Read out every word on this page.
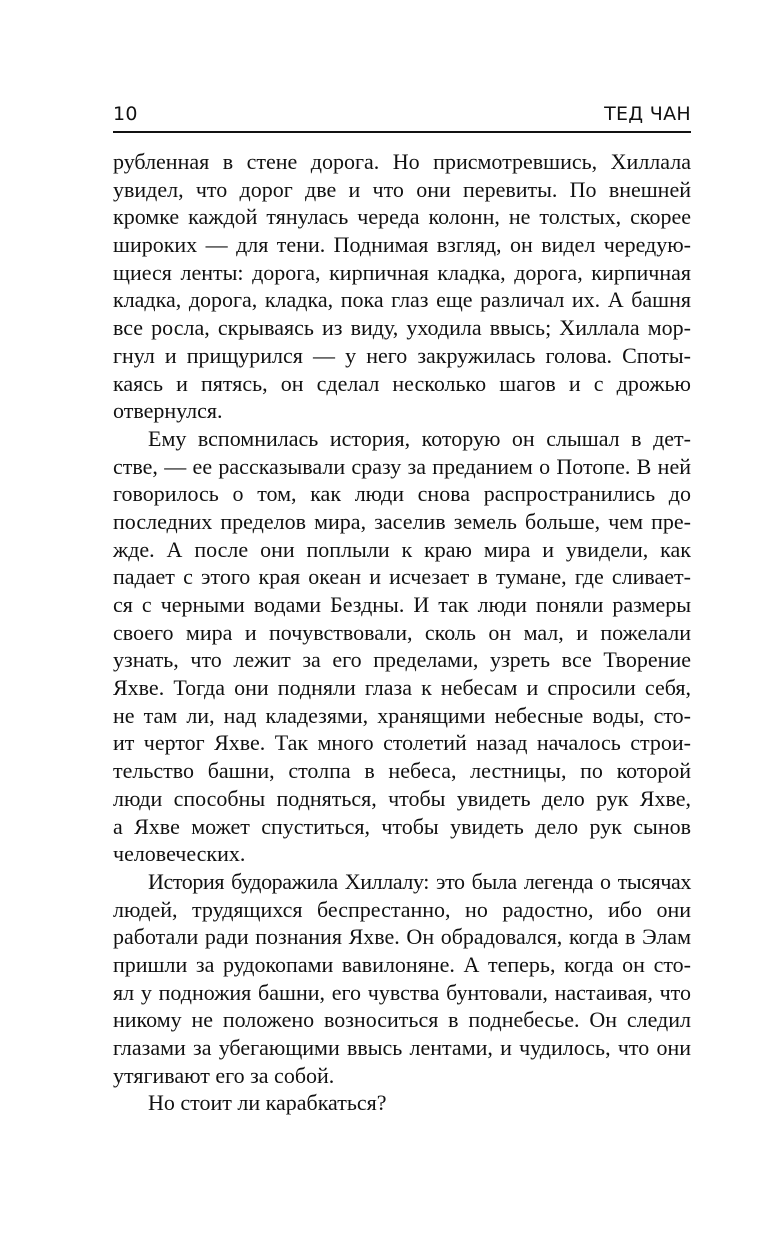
10	ТЕД ЧАН
рубленная в стене дорога. Но присмотревшись, Хиллала
увидел, что дорог две и что они перевиты. По внешней
кромке каждой тянулась череда колонн, не толстых, скорее
широких — для тени. Поднимая взгляд, он видел чередую-
щиеся ленты: дорога, кирпичная кладка, дорога, кирпичная
кладка, дорога, кладка, пока глаз еще различал их. А башня
все росла, скрываясь из виду, уходила ввысь; Хиллала мор-
гнул и прищурился — у него закружилась голова. Споты-
каясь и пятясь, он сделал несколько шагов и с дрожью
отвернулся.
Ему вспомнилась история, которую он слышал в дет-
стве, — ее рассказывали сразу за преданием о Потопе. В ней
говорилось о том, как люди снова распространились до
последних пределов мира, заселив земель больше, чем пре-
жде. А после они поплыли к краю мира и увидели, как
падает с этого края океан и исчезает в тумане, где сливает-
ся с черными водами Бездны. И так люди поняли размеры
своего мира и почувствовали, сколь он мал, и пожелали
узнать, что лежит за его пределами, узреть все Творение
Яхве. Тогда они подняли глаза к небесам и спросили себя,
не там ли, над кладезями, хранящими небесные воды, сто-
ит чертог Яхве. Так много столетий назад началось строи-
тельство башни, столпа в небеса, лестницы, по которой
люди способны подняться, чтобы увидеть дело рук Яхве,
а Яхве может спуститься, чтобы увидеть дело рук сынов
человеческих.
История будоражила Хиллалу: это была легенда о тысячах
людей, трудящихся беспрестанно, но радостно, ибо они
работали ради познания Яхве. Он обрадовался, когда в Элам
пришли за рудокопами вавилоняне. А теперь, когда он сто-
ял у подножия башни, его чувства бунтовали, настаивая, что
никому не положено возноситься в поднебесье. Он следил
глазами за убегающими ввысь лентами, и чудилось, что они
утягивают его за собой.
Но стоит ли карабкаться?
